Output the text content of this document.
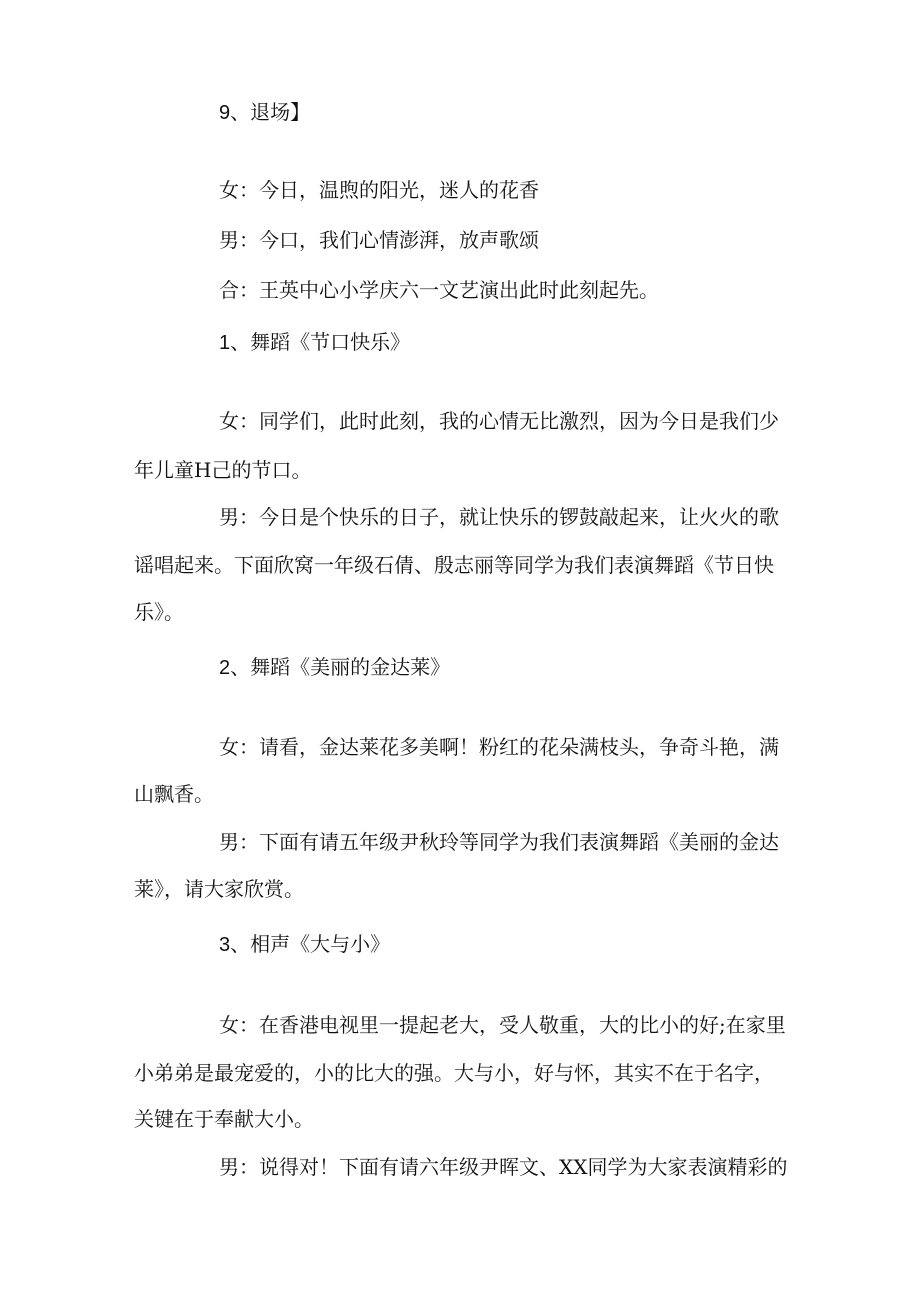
9、退场】
女：今日，温煦的阳光，迷人的花香
男：今口，我们心情澎湃，放声歌颂
合：王英中心小学庆六一文艺演出此时此刻起先。
1、舞蹈《节口快乐》
女：同学们，此时此刻，我的心情无比激烈，因为今日是我们少
年儿童H己的节口。
男：今日是个快乐的日子，就让快乐的锣鼓敲起来，让火火的歌
谣唱起来。下面欣窝一年级石倩、殷志丽等同学为我们表演舞蹈《节日快
乐》。
2、舞蹈《美丽的金达莱》
女：请看，金达莱花多美啊！粉红的花朵满枝头，争奇斗艳，满
山飘香。
男：下面有请五年级尹秋玲等同学为我们表演舞蹈《美丽的金达
莱》，请大家欣赏。
3、相声《大与小》
女：在香港电视里一提起老大，受人敬重，大的比小的好;在家里
小弟弟是最宠爱的，小的比大的强。大与小，好与怀，其实不在于名字，
关键在于奉献大小。
男：说得对！下面有请六年级尹晖文、XX同学为大家表演精彩的
